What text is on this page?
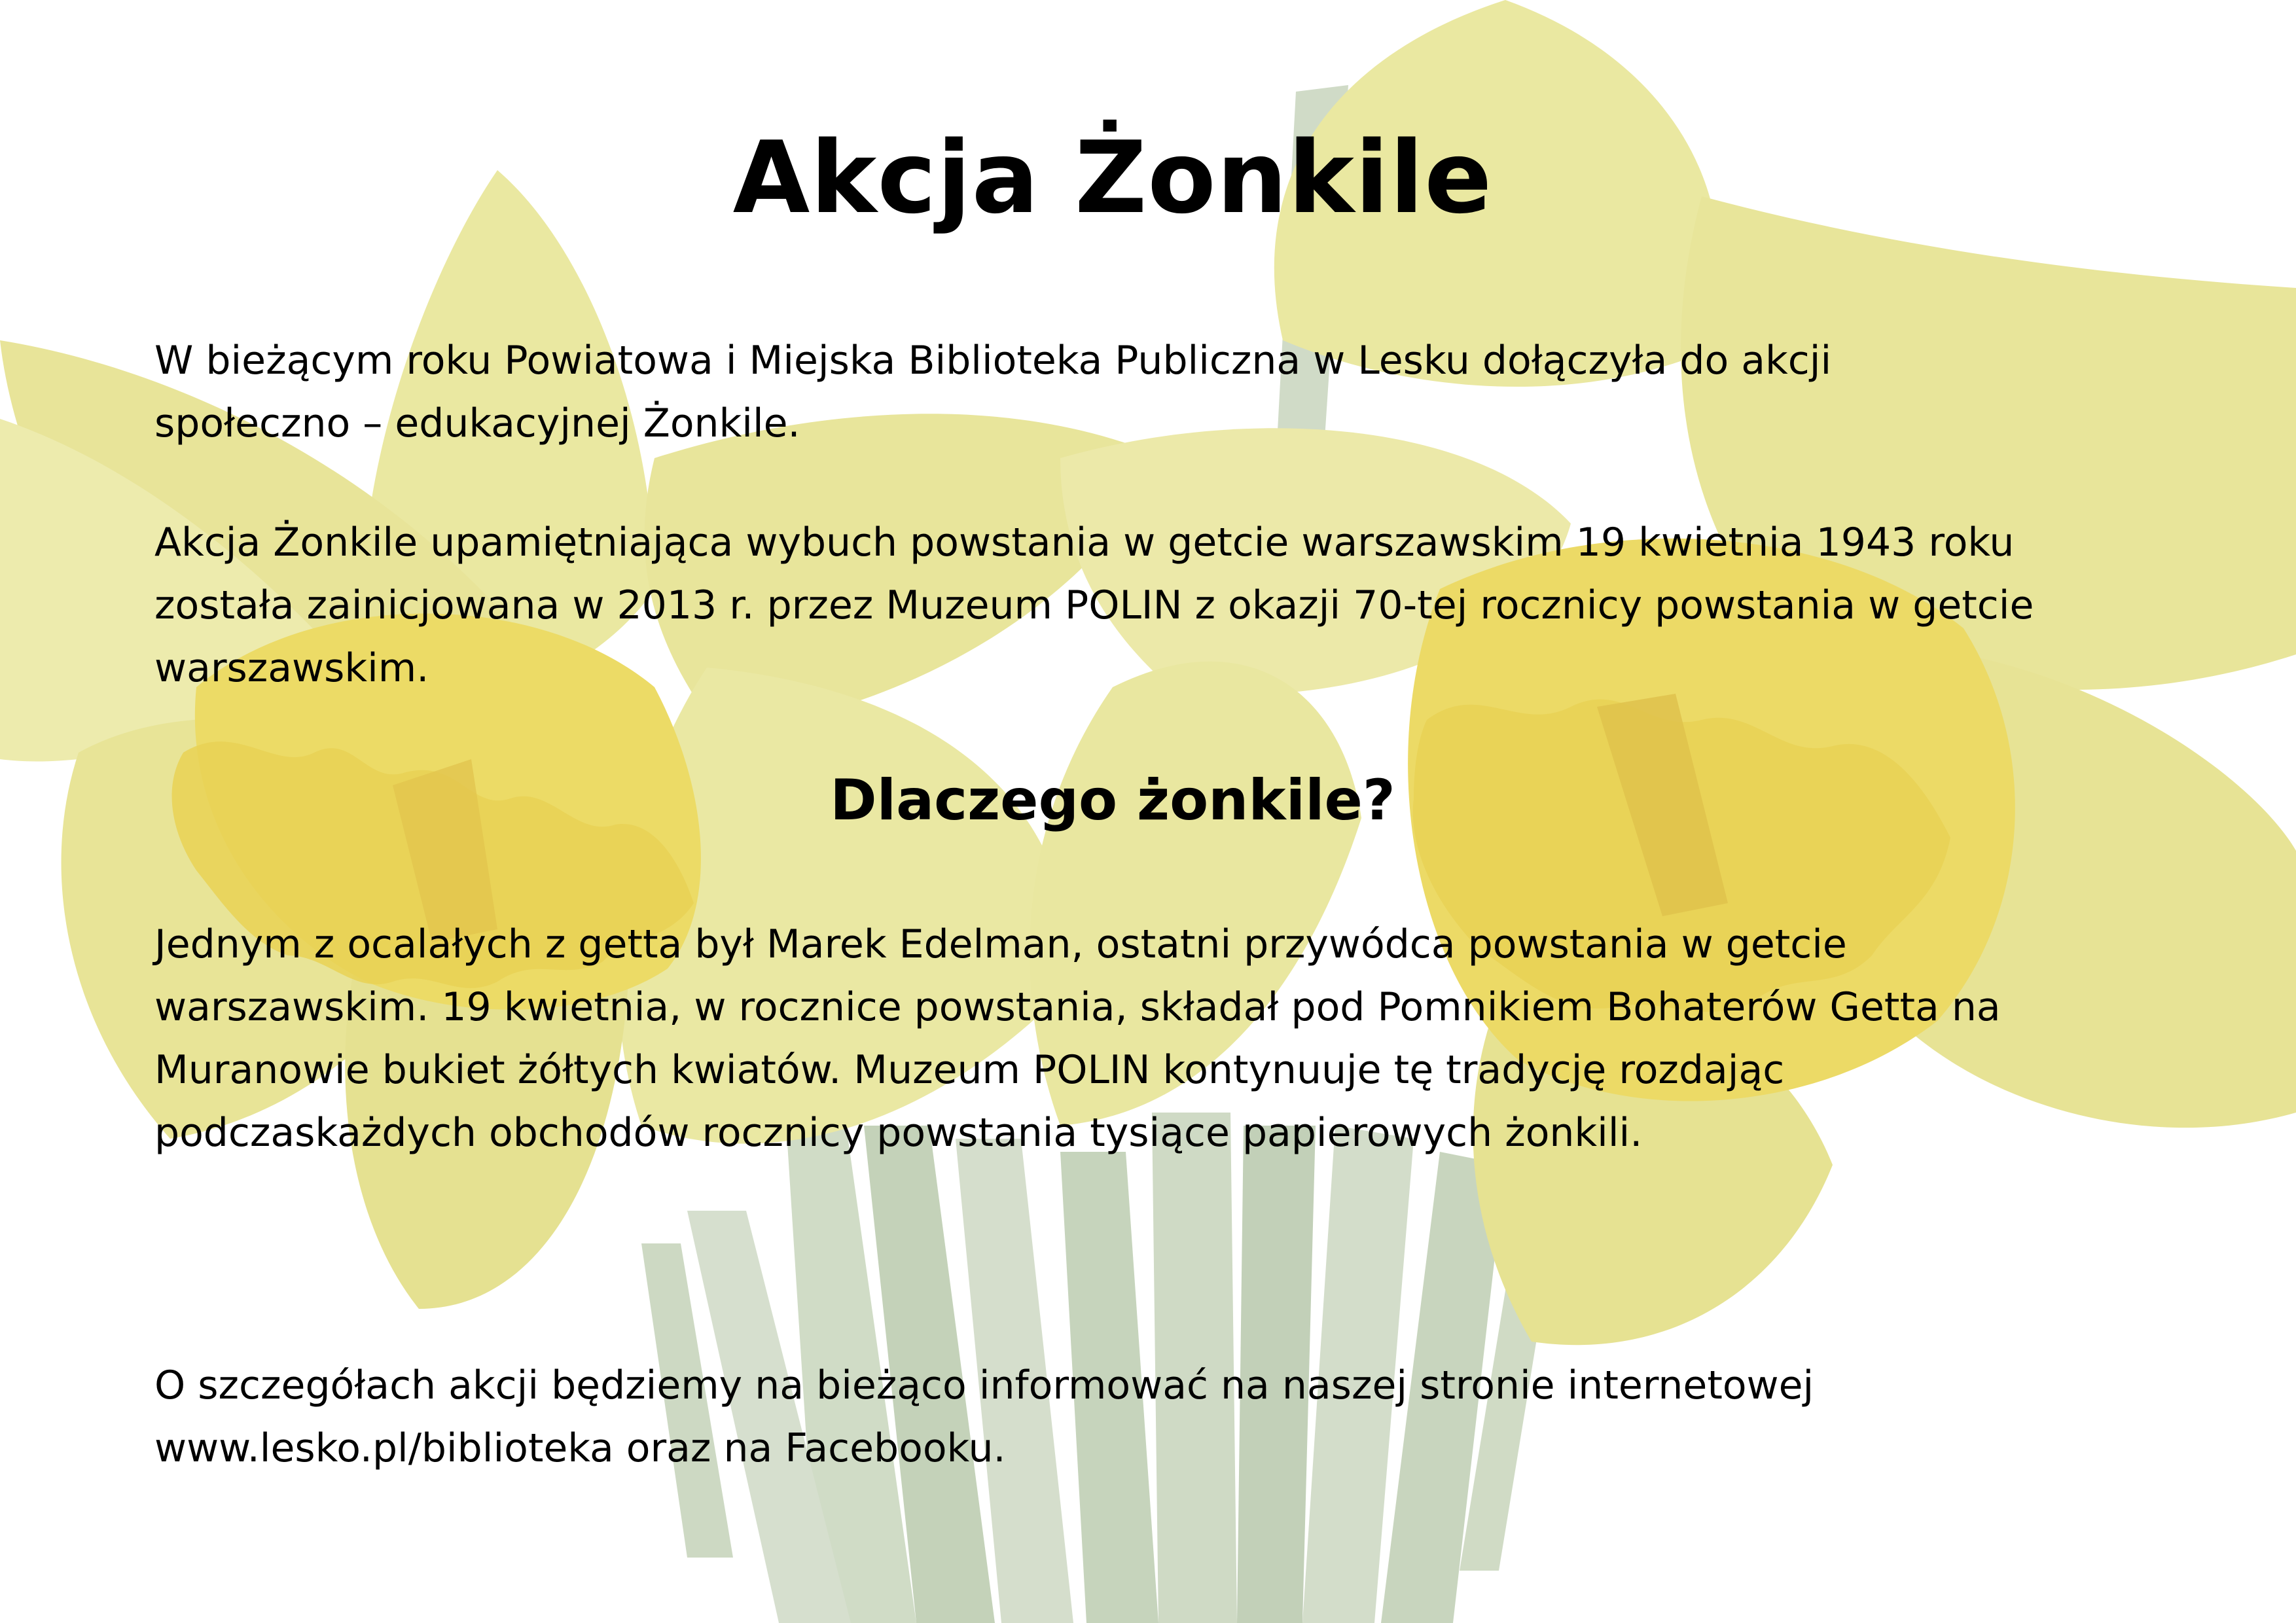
Akcja Żonkile

W bieżącym roku Powiatowa i Miejska Biblioteka Publiczna w Lesku dołączyła do akcji

społeczno – edukacyjnej Żonkile.

Akcja Żonkile upamiętniająca wybuch powstania w getcie warszawskim 19 kwietnia 1943 roku

została zainicjowana w 2013 r. przez Muzeum POLIN z okazji 70-tej rocznicy powstania w getcie

warszawskim.

Dlaczego żonkile?

Jednym z ocalałych z getta był Marek Edelman, ostatni przywódca powstania w getcie

warszawskim. 19 kwietnia, w rocznice powstania, składał pod Pomnikiem Bohaterów Getta na

Muranowie bukiet żółtych kwiatów. Muzeum POLIN kontynuuje tę tradycję rozdając

podczaskażdych obchodów rocznicy powstania tysiące papierowych żonkili.

O szczegółach akcji będziemy na bieżąco informować na naszej stronie internetowej

www.lesko.pl/biblioteka oraz na Facebooku.
